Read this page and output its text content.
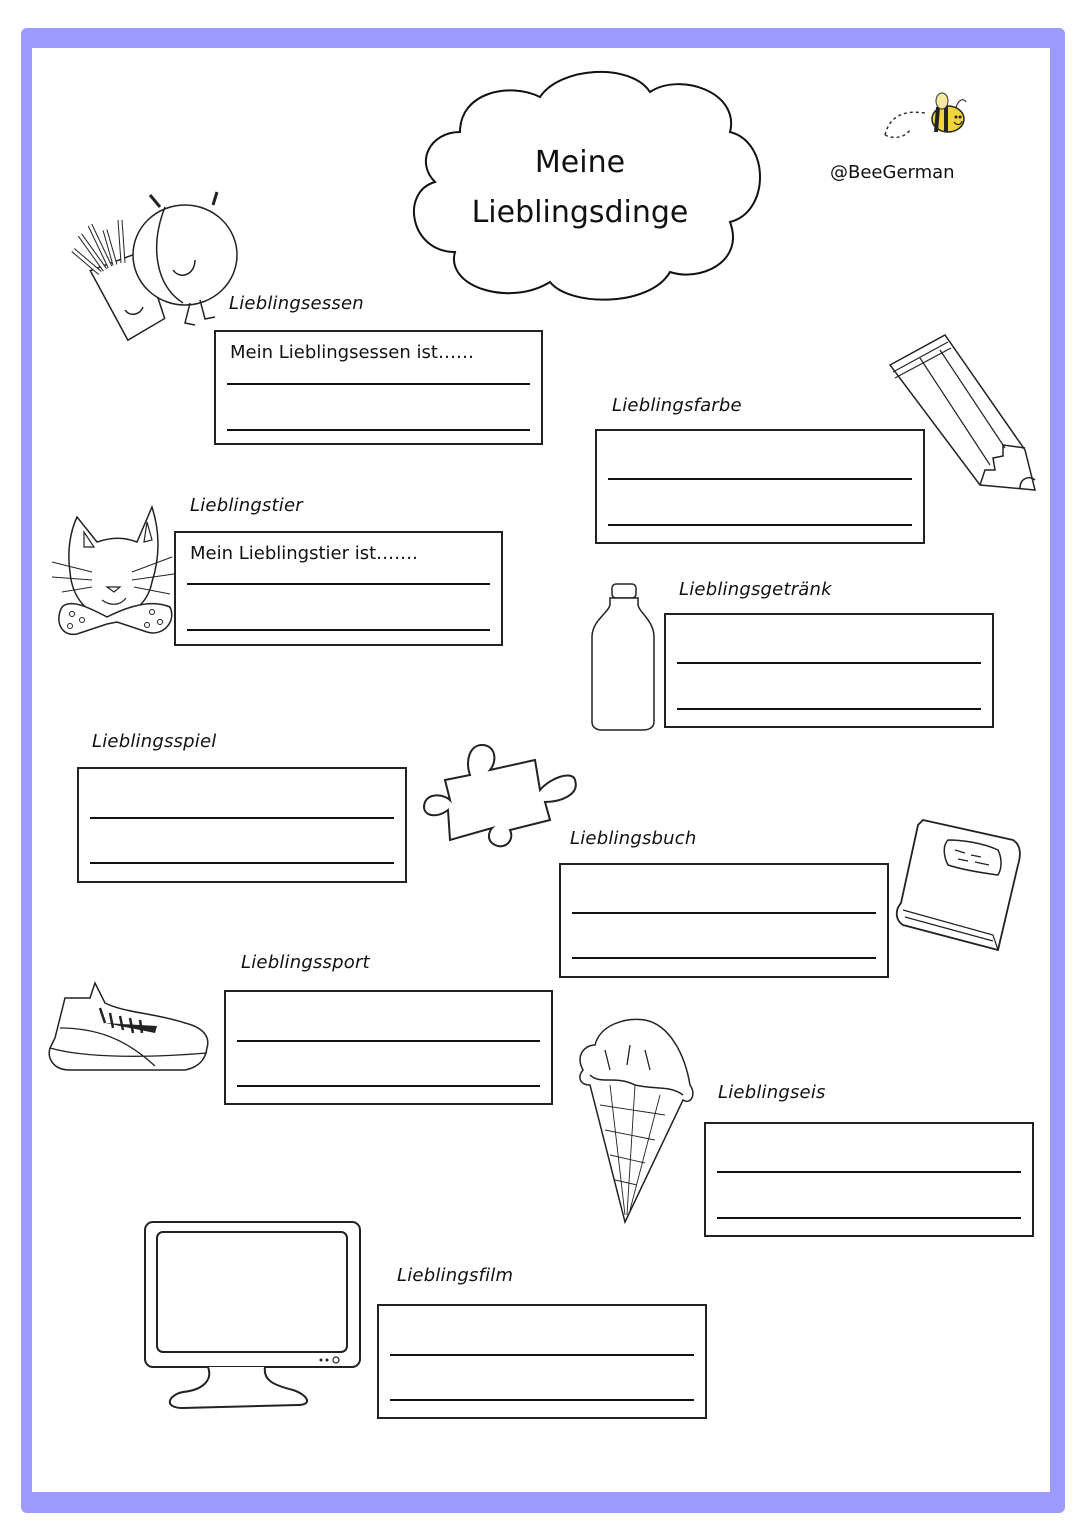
Meine
Lieblingsdinge
@BeeGerman
Lieblingsessen
Mein Lieblingsessen ist……
Lieblingsfarbe
Lieblingstier
Mein Lieblingstier ist…….
Lieblingsgetränk
Lieblingsspiel
Lieblingsbuch
Lieblingssport
Lieblingseis
Lieblingsfilm
